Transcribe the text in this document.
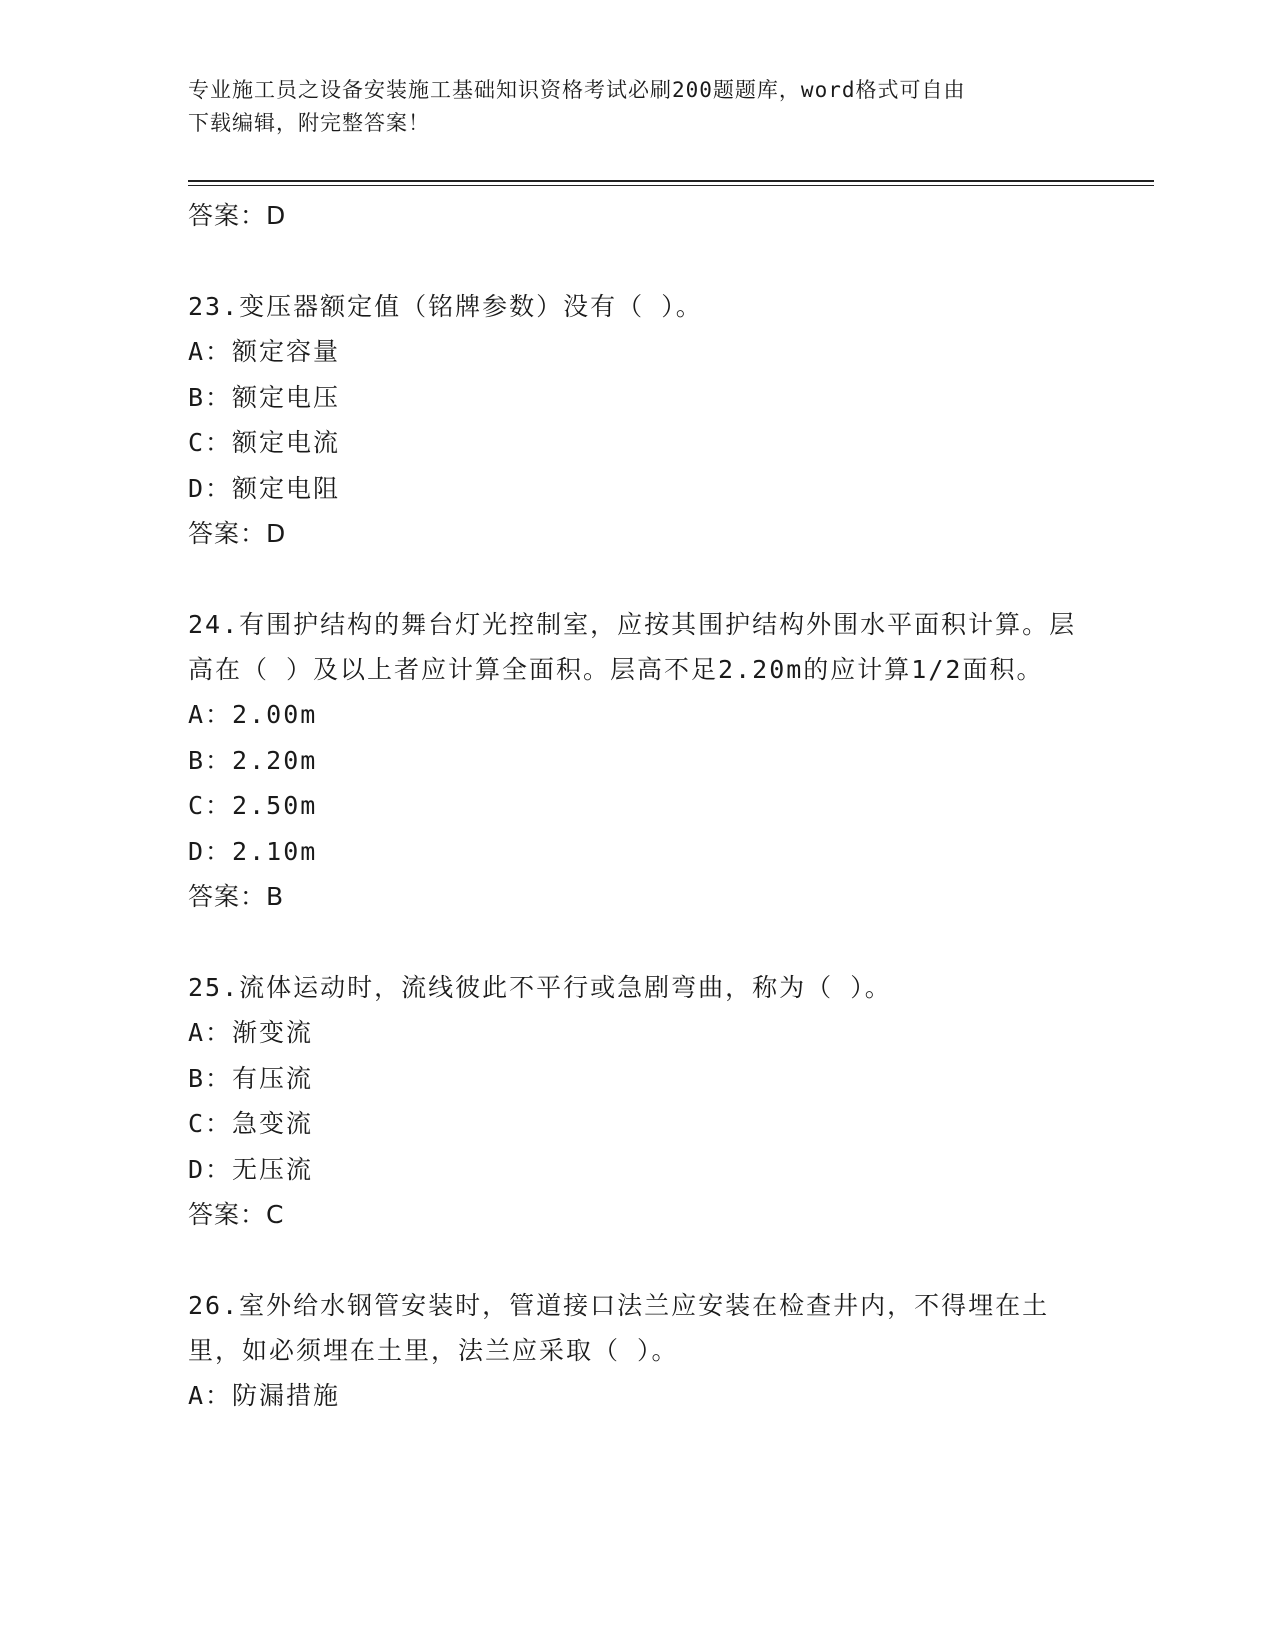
专业施工员之设备安装施工基础知识资格考试必刷200题题库，word格式可自由
下载编辑，附完整答案！
答案：D
23.变压器额定值（铭牌参数）没有（ ）。
A：额定容量
B：额定电压
C：额定电流
D：额定电阻
答案：D
24.有围护结构的舞台灯光控制室，应按其围护结构外围水平面积计算。层高在（ ）及以上者应计算全面积。层高不足2.20m的应计算1/2面积。
A：2.00m
B：2.20m
C：2.50m
D：2.10m
答案：B
25.流体运动时，流线彼此不平行或急剧弯曲，称为（ ）。
A：渐变流
B：有压流
C：急变流
D：无压流
答案：C
26.室外给水钢管安装时，管道接口法兰应安装在检查井内，不得埋在土里，如必须埋在土里，法兰应采取（ ）。
A：防漏措施
